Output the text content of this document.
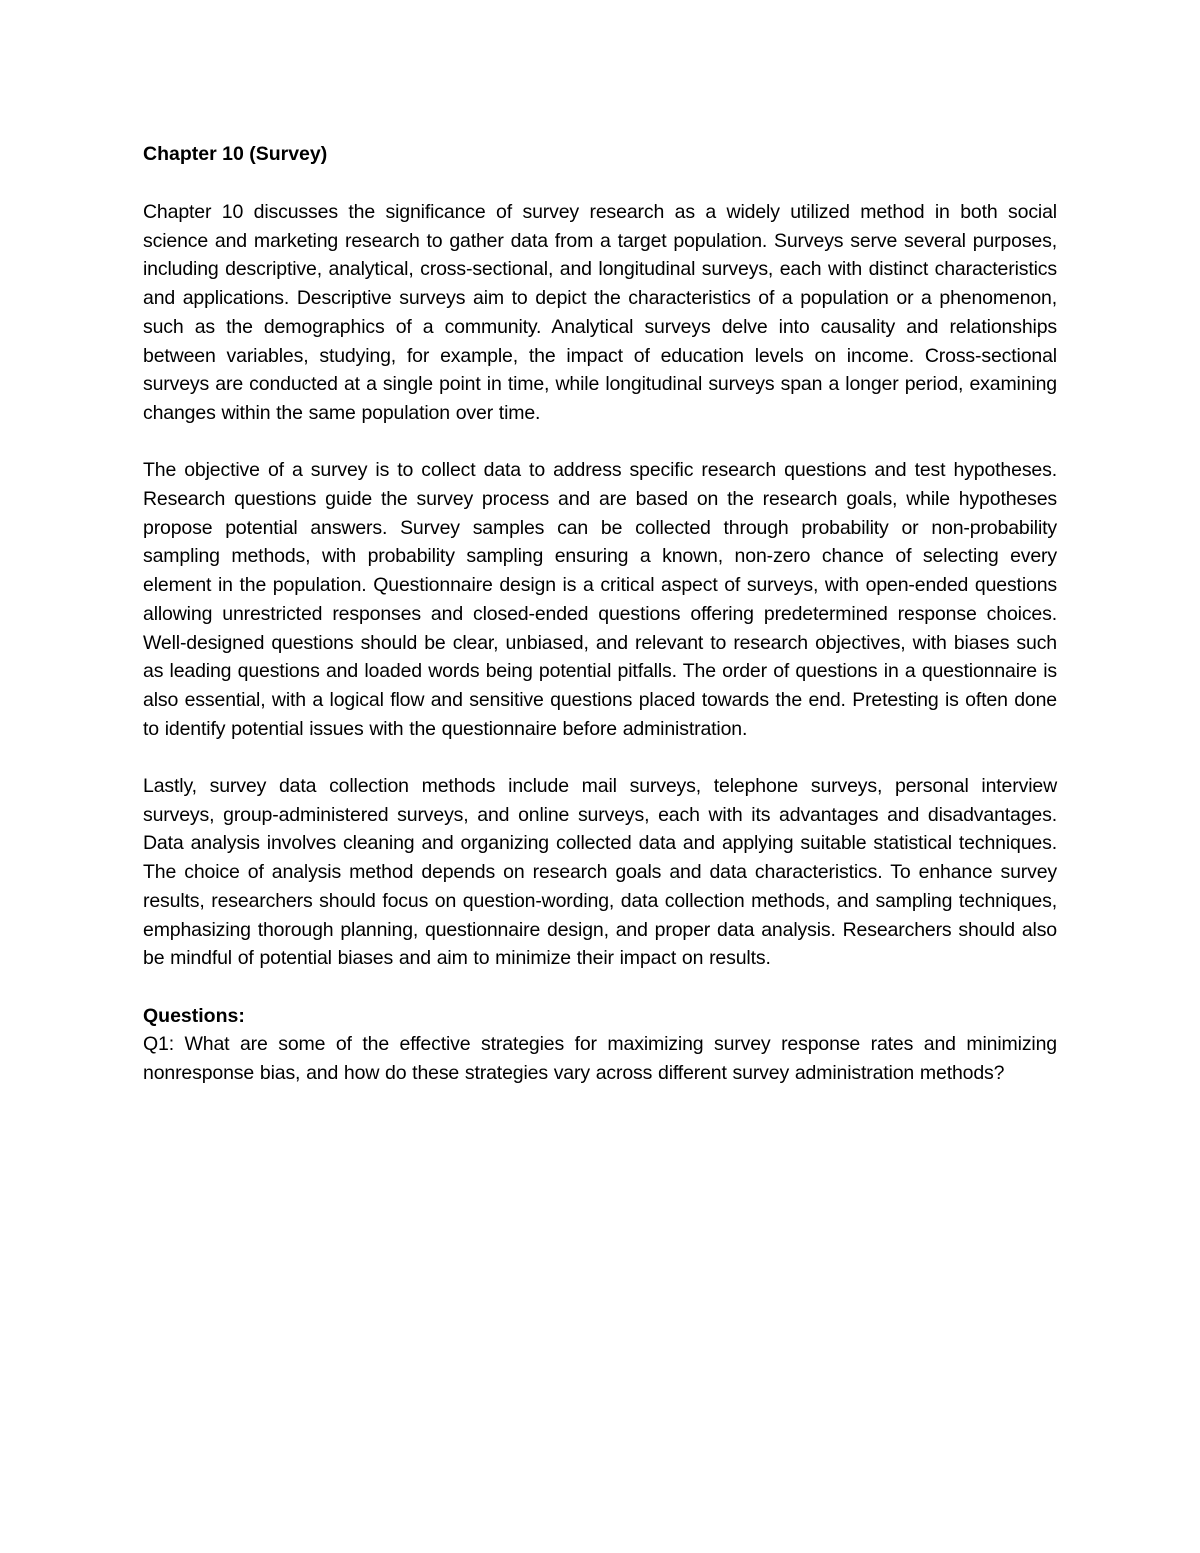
Chapter 10 (Survey)

Chapter 10 discusses the significance of survey research as a widely utilized method in both social science and marketing research to gather data from a target population. Surveys serve several purposes, including descriptive, analytical, cross-sectional, and longitudinal surveys, each with distinct characteristics and applications. Descriptive surveys aim to depict the characteristics of a population or a phenomenon, such as the demographics of a community. Analytical surveys delve into causality and relationships between variables, studying, for example, the impact of education levels on income. Cross-sectional surveys are conducted at a single point in time, while longitudinal surveys span a longer period, examining changes within the same population over time.

The objective of a survey is to collect data to address specific research questions and test hypotheses. Research questions guide the survey process and are based on the research goals, while hypotheses propose potential answers. Survey samples can be collected through probability or non-probability sampling methods, with probability sampling ensuring a known, non-zero chance of selecting every element in the population. Questionnaire design is a critical aspect of surveys, with open-ended questions allowing unrestricted responses and closed-ended questions offering predetermined response choices. Well-designed questions should be clear, unbiased, and relevant to research objectives, with biases such as leading questions and loaded words being potential pitfalls. The order of questions in a questionnaire is also essential, with a logical flow and sensitive questions placed towards the end. Pretesting is often done to identify potential issues with the questionnaire before administration.

Lastly, survey data collection methods include mail surveys, telephone surveys, personal interview surveys, group-administered surveys, and online surveys, each with its advantages and disadvantages. Data analysis involves cleaning and organizing collected data and applying suitable statistical techniques. The choice of analysis method depends on research goals and data characteristics. To enhance survey results, researchers should focus on question-wording, data collection methods, and sampling techniques, emphasizing thorough planning, questionnaire design, and proper data analysis. Researchers should also be mindful of potential biases and aim to minimize their impact on results.

Questions:

Q1: What are some of the effective strategies for maximizing survey response rates and minimizing nonresponse bias, and how do these strategies vary across different survey administration methods?
